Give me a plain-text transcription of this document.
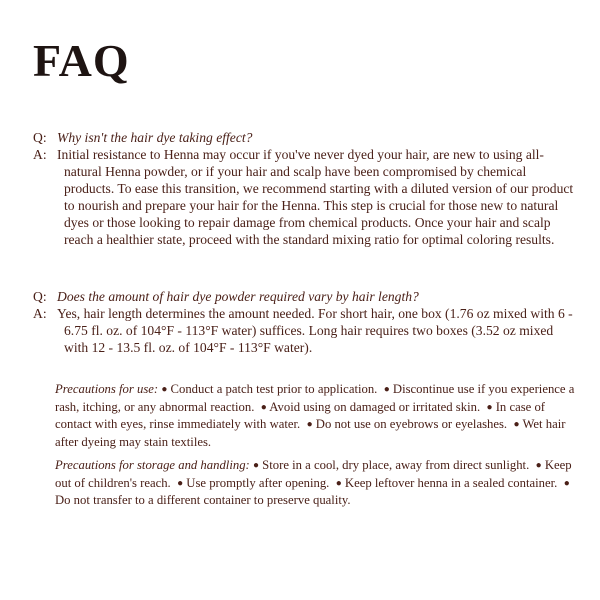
FAQ
Q: Why isn't the hair dye taking effect?
A: Initial resistance to Henna may occur if you've never dyed your hair, are new to using all-natural Henna powder, or if your hair and scalp have been compromised by chemical products. To ease this transition, we recommend starting with a diluted version of our product to nourish and prepare your hair for the Henna. This step is crucial for those new to natural dyes or those looking to repair damage from chemical products. Once your hair and scalp reach a healthier state, proceed with the standard mixing ratio for optimal coloring results.
Q: Does the amount of hair dye powder required vary by hair length?
A: Yes, hair length determines the amount needed. For short hair, one box (1.76 oz mixed with 6 - 6.75 fl. oz. of 104°F - 113°F water) suffices. Long hair requires two boxes (3.52 oz mixed with 12 - 13.5 fl. oz. of 104°F - 113°F water).
Precautions for use: ● Conduct a patch test prior to application. ● Discontinue use if you experience a rash, itching, or any abnormal reaction. ● Avoid using on damaged or irritated skin. ● In case of contact with eyes, rinse immediately with water. ● Do not use on eyebrows or eyelashes. ● Wet hair after dyeing may stain textiles.
Precautions for storage and handling: ● Store in a cool, dry place, away from direct sunlight. ● Keep out of children's reach. ● Use promptly after opening. ● Keep leftover henna in a sealed container. ● Do not transfer to a different container to preserve quality.
